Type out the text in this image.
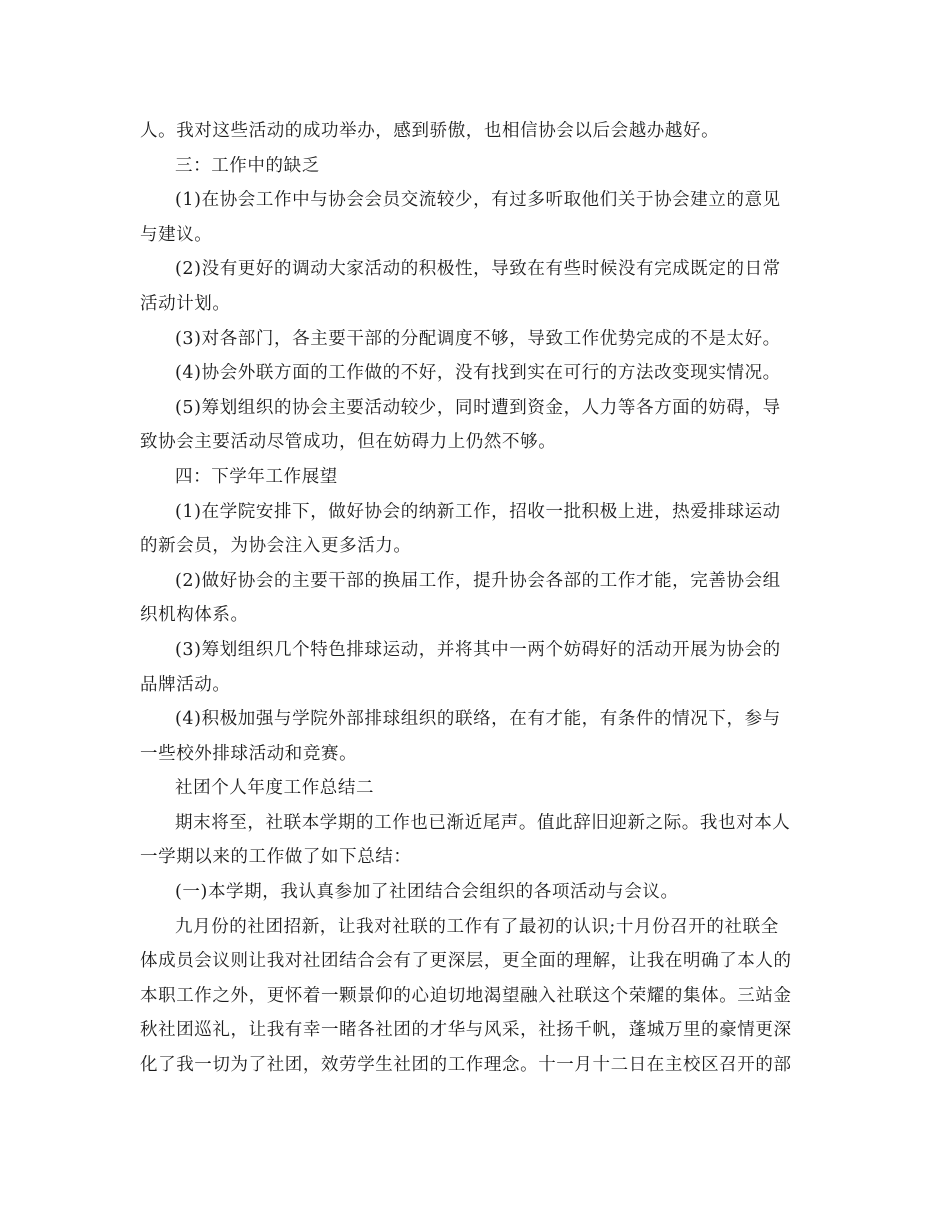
人。我对这些活动的成功举办，感到骄傲，也相信协会以后会越办越好。
三：工作中的缺乏
(1)在协会工作中与协会会员交流较少，有过多听取他们关于协会建立的意见
与建议。
(2)没有更好的调动大家活动的积极性，导致在有些时候没有完成既定的日常
活动计划。
(3)对各部门，各主要干部的分配调度不够，导致工作优势完成的不是太好。
(4)协会外联方面的工作做的不好，没有找到实在可行的方法改变现实情况。
(5)筹划组织的协会主要活动较少，同时遭到资金，人力等各方面的妨碍，导
致协会主要活动尽管成功，但在妨碍力上仍然不够。
四：下学年工作展望
(1)在学院安排下，做好协会的纳新工作，招收一批积极上进，热爱排球运动
的新会员，为协会注入更多活力。
(2)做好协会的主要干部的换届工作，提升协会各部的工作才能，完善协会组
织机构体系。
(3)筹划组织几个特色排球运动，并将其中一两个妨碍好的活动开展为协会的
品牌活动。
(4)积极加强与学院外部排球组织的联络，在有才能，有条件的情况下，参与
一些校外排球活动和竞赛。
社团个人年度工作总结二
期末将至，社联本学期的工作也已渐近尾声。值此辞旧迎新之际。我也对本人
一学期以来的工作做了如下总结：
(一)本学期，我认真参加了社团结合会组织的各项活动与会议。
九月份的社团招新，让我对社联的工作有了最初的认识;十月份召开的社联全
体成员会议则让我对社团结合会有了更深层，更全面的理解，让我在明确了本人的
本职工作之外，更怀着一颗景仰的心迫切地渴望融入社联这个荣耀的集体。三站金
秋社团巡礼，让我有幸一睹各社团的才华与风采，社扬千帆，蓬城万里的豪情更深
化了我一切为了社团，效劳学生社团的工作理念。十一月十二日在主校区召开的部
